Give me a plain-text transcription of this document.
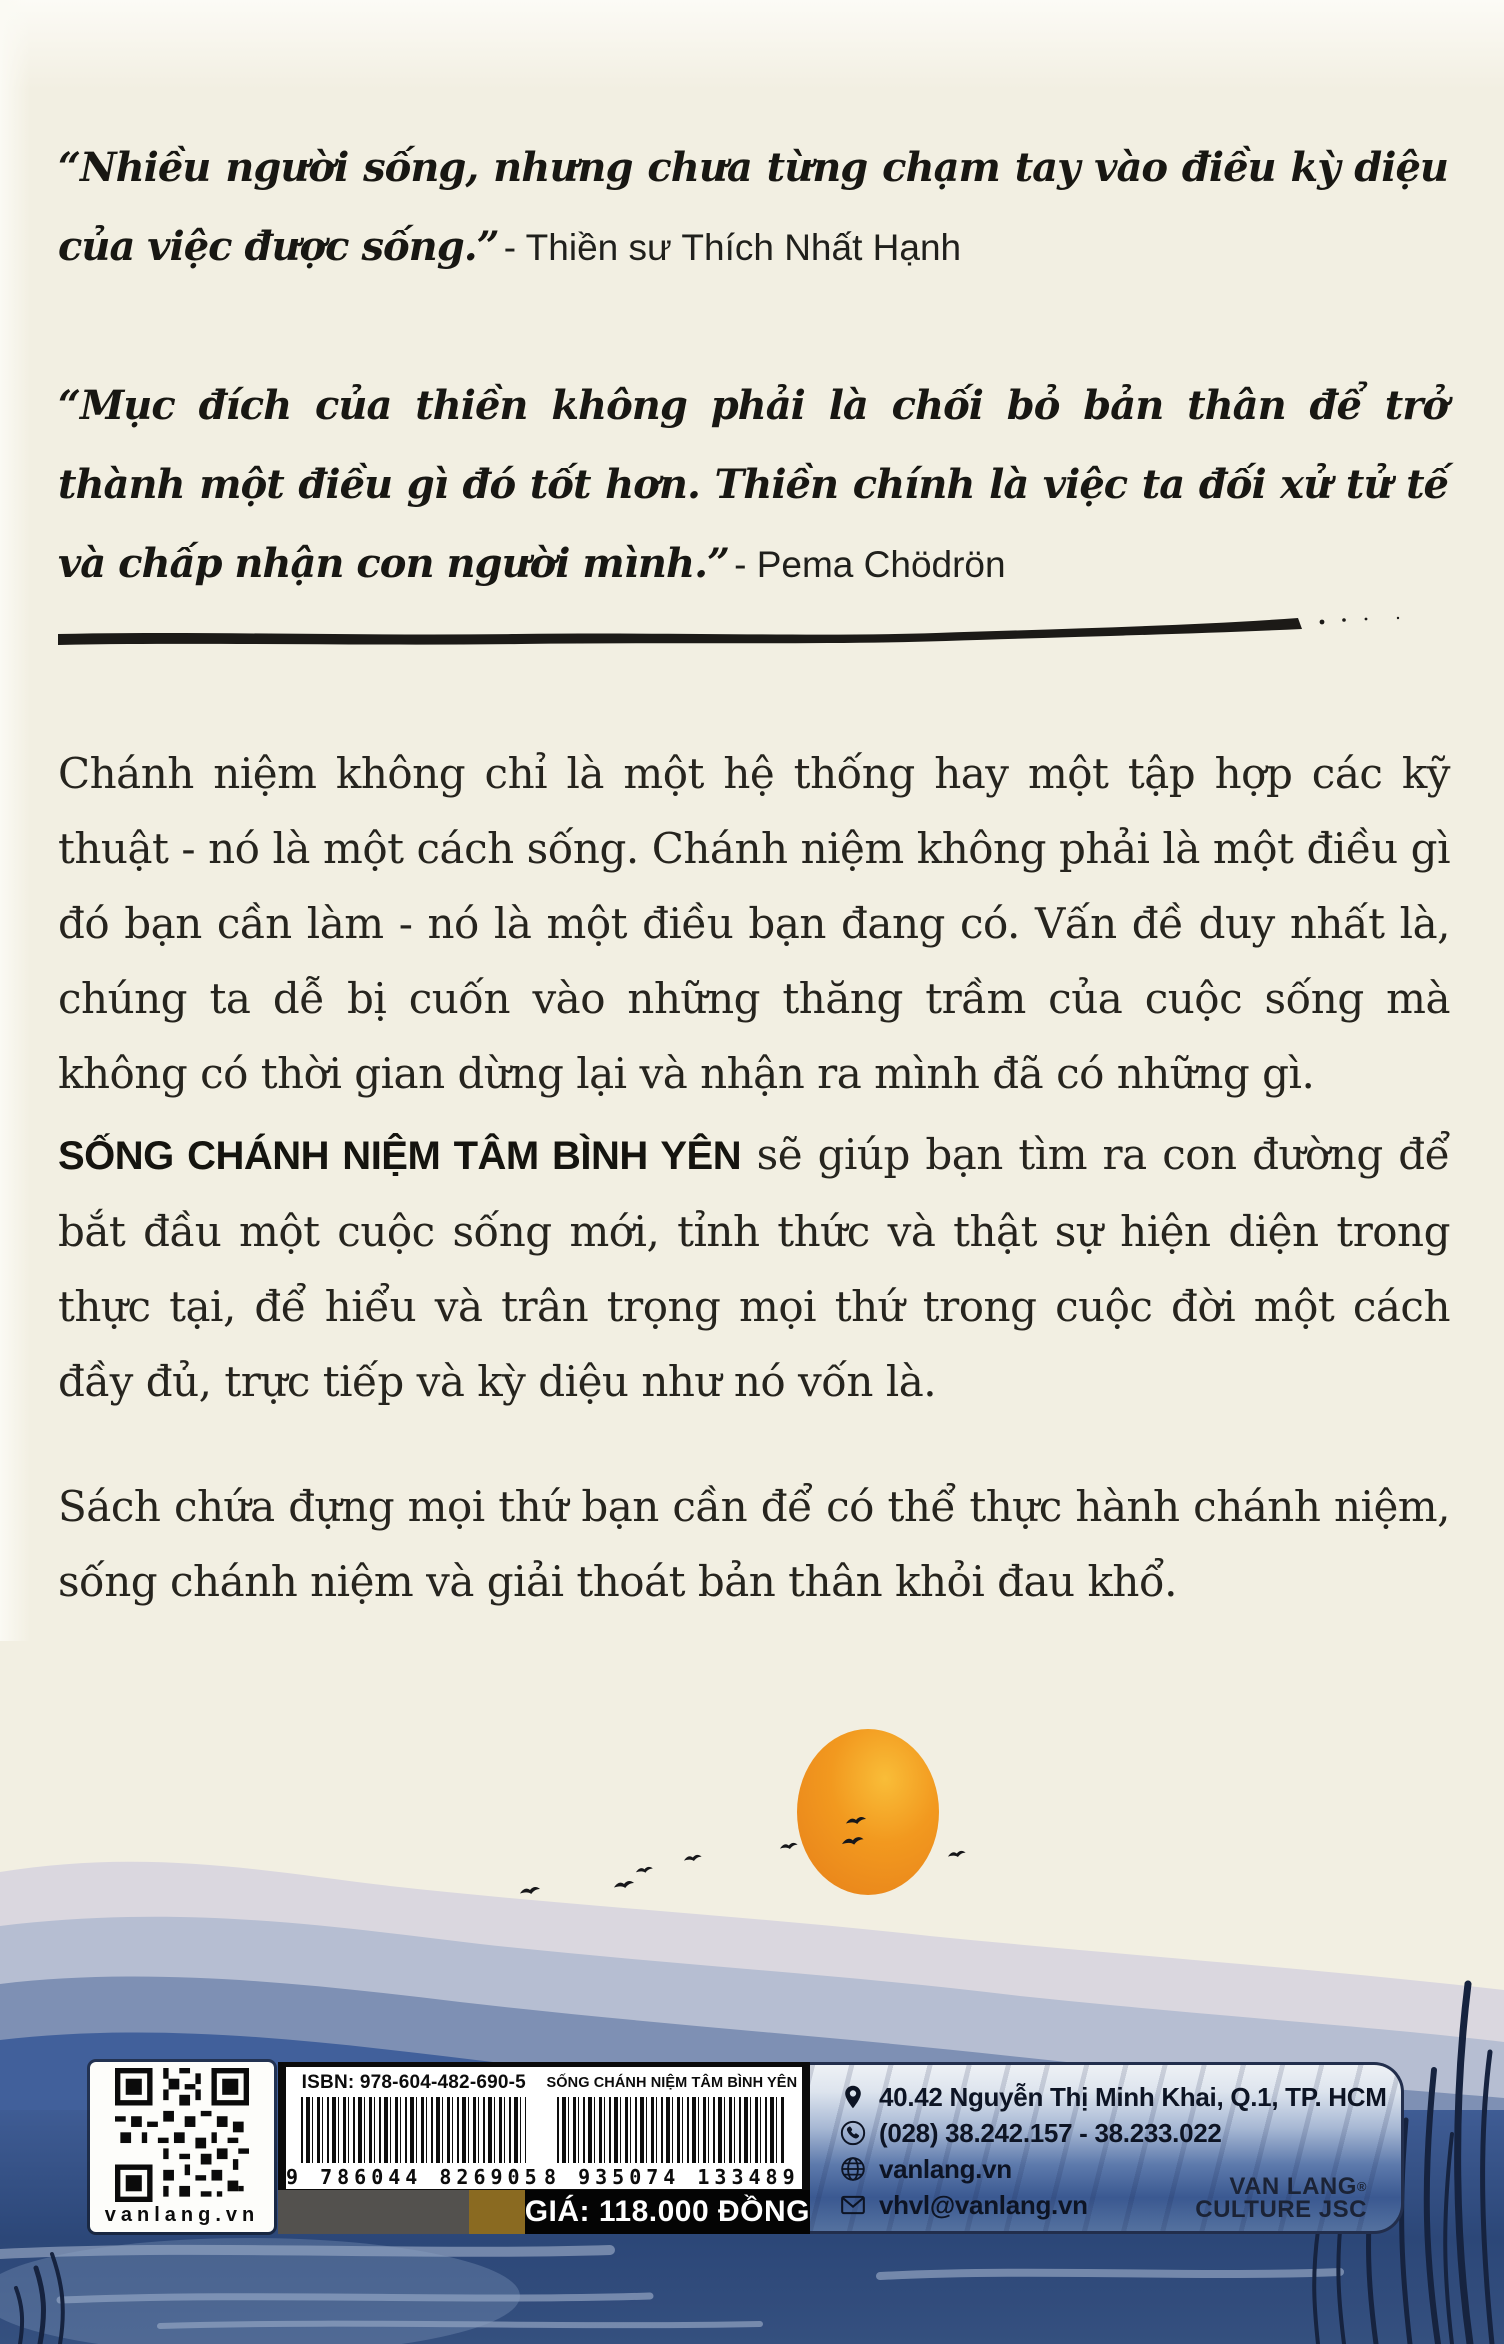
“Nhiều người sống, nhưng chưa từng chạm tay vào điều kỳ diệu của việc được sống.” - Thiền sư Thích Nhất Hạnh
“Mục đích của thiền không phải là chối bỏ bản thân để trở thành một điều gì đó tốt hơn. Thiền chính là việc ta đối xử tử tế và chấp nhận con người mình.” - Pema Chödrön

Chánh niệm không chỉ là một hệ thống hay một tập hợp các kỹ thuật - nó là một cách sống. Chánh niệm không phải là một điều gì đó bạn cần làm - nó là một điều bạn đang có. Vấn đề duy nhất là, chúng ta dễ bị cuốn vào những thăng trầm của cuộc sống mà không có thời gian dừng lại và nhận ra mình đã có những gì.

SỐNG CHÁNH NIỆM TÂM BÌNH YÊN sẽ giúp bạn tìm ra con đường để bắt đầu một cuộc sống mới, tỉnh thức và thật sự hiện diện trong thực tại, để hiểu và trân trọng mọi thứ trong cuộc đời một cách đầy đủ, trực tiếp và kỳ diệu như nó vốn là.

Sách chứa đựng mọi thứ bạn cần để có thể thực hành chánh niệm, sống chánh niệm và giải thoát bản thân khỏi đau khổ.

vanlang.vn
ISBN: 978-604-482-690-5
9 786044 826905
SỐNG CHÁNH NIỆM TÂM BÌNH YÊN
8 935074 133489
GIÁ: 118.000 ĐỒNG
40.42 Nguyễn Thị Minh Khai, Q.1, TP. HCM
(028) 38.242.157 - 38.233.022
vanlang.vn
vhvl@vanlang.vn
VAN LANG®
CULTURE JSC
